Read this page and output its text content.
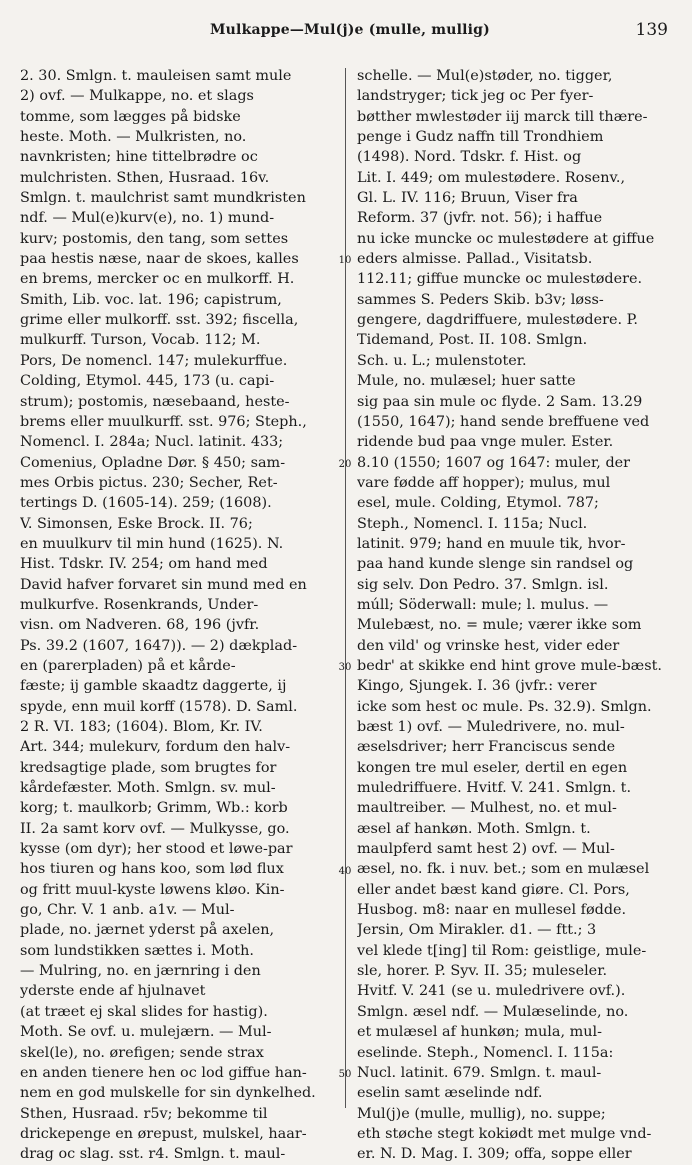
Mulkappe—Mul(j)e (mulle, mullig)	139
2. 30. Smlgn. t. mauleisen samt mule
2) ovf. — Mulkappe, no. et slags
tomme, som lægges på bidske
heste. Moth. — Mulkristen, no.
navnkristen; hine tittelbrødre oc
mulchristen. Sthen, Husraad. 16v.
Smlgn. t. maulchrist samt mundkristen
ndf. — Mul(e)kurv(e), no. 1) mund-
kurv; postomis, den tang, som settes
paa hestis næse, naar de skoes, kalles
en brems, mercker oc en mulkorff. H.
Smith, Lib. voc. lat. 196; capistrum,
grime eller mulkorff. sst. 392; fiscella,
mulkurff. Turson, Vocab. 112; M.
Pors, De nomencl. 147; mulekurffue.
Colding, Etymol. 445, 173 (u. capi-
strum); postomis, næsebaand, heste-
brems eller muulkurff. sst. 976; Steph.,
Nomencl. I. 284a; Nucl. latinit. 433;
Comenius, Opladne Dør. § 450; sam-
mes Orbis pictus. 230; Secher, Ret-
tertings D. (1605-14). 259; (1608).
V. Simonsen, Eske Brock. II. 76;
en muulkurv til min hund (1625). N.
Hist. Tdskr. IV. 254; om hand med
David hafver forvaret sin mund med en
mulkurfve. Rosenkrands, Under-
visn. om Nadveren. 68, 196 (jvfr.
Ps. 39.2 (1607, 1647)). — 2) dækplad-
en (parerpladen) på et kårde-
fæste; ij gamble skaadtz daggerte, ij
spyde, enn muil korff (1578). D. Saml.
2 R. VI. 183; (1604). Blom, Kr. IV.
Art. 344; mulekurv, fordum den halv-
kredsagtige plade, som brugtes for
kårdefæster. Moth. Smlgn. sv. mul-
korg; t. maulkorb; Grimm, Wb.: korb
II. 2a samt korv ovf. — Mulkysse, go.
kysse (om dyr); her stood et løwe-par
hos tiuren og hans koo, som lød flux
og fritt muul-kyste løwens kløo. Kin-
go, Chr. V. 1 anb. a1v. — Mul-
plade, no. jærnet yderst på axelen,
som lundstikken sættes i. Moth.
— Mulring, no. en jærnring i den
yderste ende af hjulnavet
(at træet ej skal slides for hastig).
Moth. Se ovf. u. mulejærn. — Mul-
skel(le), no. ørefigen; sende strax
en anden tienere hen oc lod giffue han-
nem en god mulskelle for sin dynkelhed.
Sthen, Husraad. r5v; bekomme til
drickepenge en ørepust, mulskel, haar-
drag oc slag. sst. r4. Smlgn. t. maul-
10
20
30
40
50
schelle. — Mul(e)støder, no. tigger,
landstryger; tick jeg oc Per fyer-
bøtther mwlestøder iij marck till thære-
penge i Gudz naffn till Trondhiem
(1498). Nord. Tdskr. f. Hist. og
Lit. I. 449; om mulestødere. Rosenv.,
Gl. L. IV. 116; Bruun, Viser fra
Reform. 37 (jvfr. not. 56); i haffue
nu icke muncke oc mulestødere at giffue
eders almisse. Pallad., Visitatsb.
112.11; giffue muncke oc mulestødere.
sammes S. Peders Skib. b3v; løss-
gengere, dagdriffuere, mulestødere. P.
Tidemand, Post. II. 108. Smlgn.
Sch. u. L.; mulenstoter.
Mule, no. mulæsel; huer satte
sig paa sin mule oc flyde. 2 Sam. 13.29
(1550, 1647); hand sende breffuene ved
ridende bud paa vnge muler. Ester.
8.10 (1550; 1607 og 1647: muler, der
vare fødde aff hopper); mulus, mul
esel, mule. Colding, Etymol. 787;
Steph., Nomencl. I. 115a; Nucl.
latinit. 979; hand en muule tik, hvor-
paa hand kunde slenge sin randsel og
sig selv. Don Pedro. 37. Smlgn. isl.
múll; Söderwall: mule; l. mulus. —
Mulebæst, no. = mule; værer ikke som
den vild' og vrinske hest, vider eder
bedr' at skikke end hint grove mule-bæst.
Kingo, Sjungek. I. 36 (jvfr.: verer
icke som hest oc mule. Ps. 32.9). Smlgn.
bæst 1) ovf. — Muledrivere, no. mul-
æselsdriver; herr Franciscus sende
kongen tre mul eseler, dertil en egen
muledriffuere. Hvitf. V. 241. Smlgn. t.
maultreiber. — Mulhest, no. et mul-
æsel af hankøn. Moth. Smlgn. t.
maulpferd samt hest 2) ovf. — Mul-
æsel, no. fk. i nuv. bet.; som en mulæsel
eller andet bæst kand giøre. Cl. Pors,
Husbog. m8: naar en mullesel fødde.
Jersin, Om Mirakler. d1. — ftt.; 3
vel klede t[ing] til Rom: geistlige, mule-
sle, horer. P. Syv. II. 35; muleseler.
Hvitf. V. 241 (se u. muledrivere ovf.).
Smlgn. æsel ndf. — Mulæselinde, no.
et mulæsel af hunkøn; mula, mul-
eselinde. Steph., Nomencl. I. 115a:
Nucl. latinit. 679. Smlgn. t. maul-
eselin samt æselinde ndf.
Mul(j)e (mulle, mullig), no. suppe;
eth støche stegt kokiødt met mulge vnd-
er. N. D. Mag. I. 309; offa, soppe eller
